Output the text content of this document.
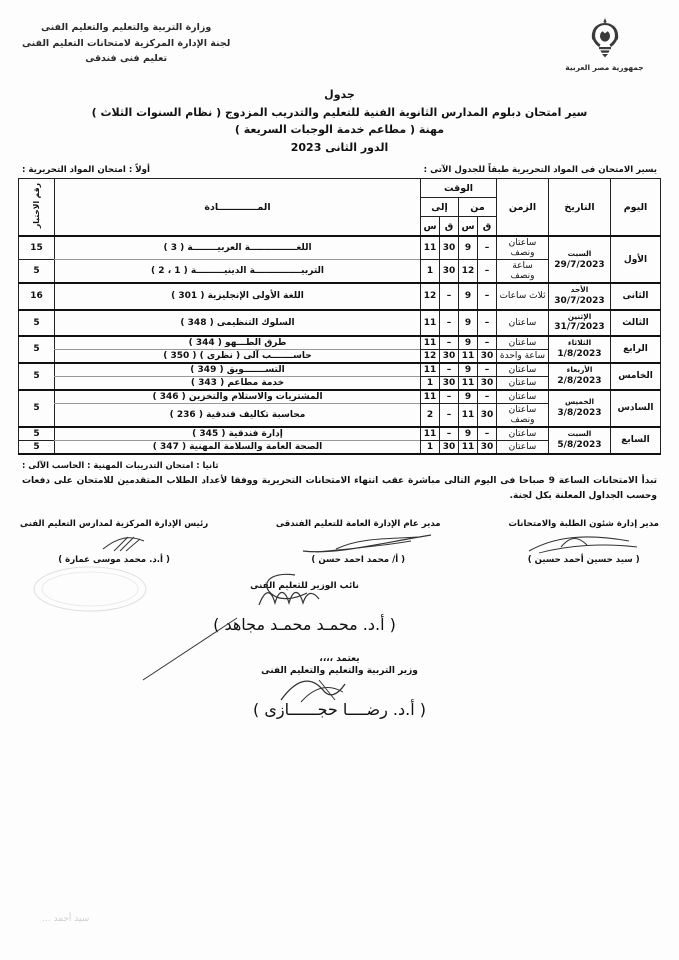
وزارة التربية والتعليم والتعليم الفنى
لجنة الإدارة المركزية لامتحانات التعليم الفنى
تعليم فنى فندقى
جمهورية مصر العربية
جدول
سير امتحان دبلوم المدارس الثانوية الفنية للتعليم والتدريب المزدوج ( نظام السنوات الثلاث )
مهنة ( مطاعم خدمة الوجبات السريعة )
الدور الثانى 2023
يسير الامتحان فى المواد التحريرية طبقاً للجدول الآتى :
أولاً : امتحان المواد التحريرية :
اليوم	التاريخ	الزمن	الوقت				المــــــــــــادة	رقم الاختبار
			من		إلى			
			ق	س	ق	س		
الأول	السبت
29/7/2023	ساعتان ونصف	–	9	30	11	اللغـــــــــــــــة العربيــــــــة ( 3 )	15
		ساعة ونصف	–	12	30	1	التربيـــــــــــــــة الدينيـــــــــة ( 1 ، 2 )	5
الثانى	الأحد
30/7/2023	ثلاث ساعات	–	9	–	12	اللغة الأولى الإنجليزية ( 301 )	16
الثالث	الإثنين
31/7/2023	ساعتان	–	9	–	11	السلوك التنظيمى ( 348 )	5
الرابع	الثلاثاء
1/8/2023	ساعتان	–	9	–	11	طرق الطـــهو ( 344 )	5
		ساعة واحدة	30	11	30	12	حاســـــــب آلى ( نظرى ) ( 350 )	
الخامس	الأربعاء
2/8/2023	ساعتان	–	9	–	11	التســـــــويق ( 349 )	5
		ساعتان	30	11	30	1	خدمة مطاعم ( 343 )	
السادس	الخميس
3/8/2023	ساعتان	–	9	–	11	المشتريات والاستلام والتخزين ( 346 )	5
		ساعتان ونصف	30	11	–	2	محاسبة تكاليف فندقية ( 236 )	
السابع	السبت
5/8/2023	ساعتان	–	9	–	11	إدارة فندقية ( 345 )	5
		ساعتان	30	11	30	1	الصحة العامة والسلامة المهنية ( 347 )	5
ثانيا : امتحان التدريبات المهنية : الحاسب الآلى :
تبدأ الامتحانات الساعة 9 صباحا فى اليوم التالى مباشرة عقب انتهاء الامتحانات التحريرية ووفقا لأعداد الطلاب المتقدمين للامتحان على دفعات وحسب الجداول المعلنة بكل لجنة.
مدير إدارة شئون الطلبة والامتحانات
( سيد حسين أحمد حسين )
مدير عام الإدارة العامة للتعليم الفندقى
( أ/ محمد احمد حسن )
رئيس الإدارة المركزية لمدارس التعليم الفنى
( أ.د. محمد موسى عمارة )
نائب الوزير للتعليم الفنى
( أ.د. محمـد محمـد مجاهد )
يعتمد ،،،،
وزير التربية والتعليم والتعليم الفنى
( أ.د. رضــــا حجــــــازى )
سيد أحمد ...
